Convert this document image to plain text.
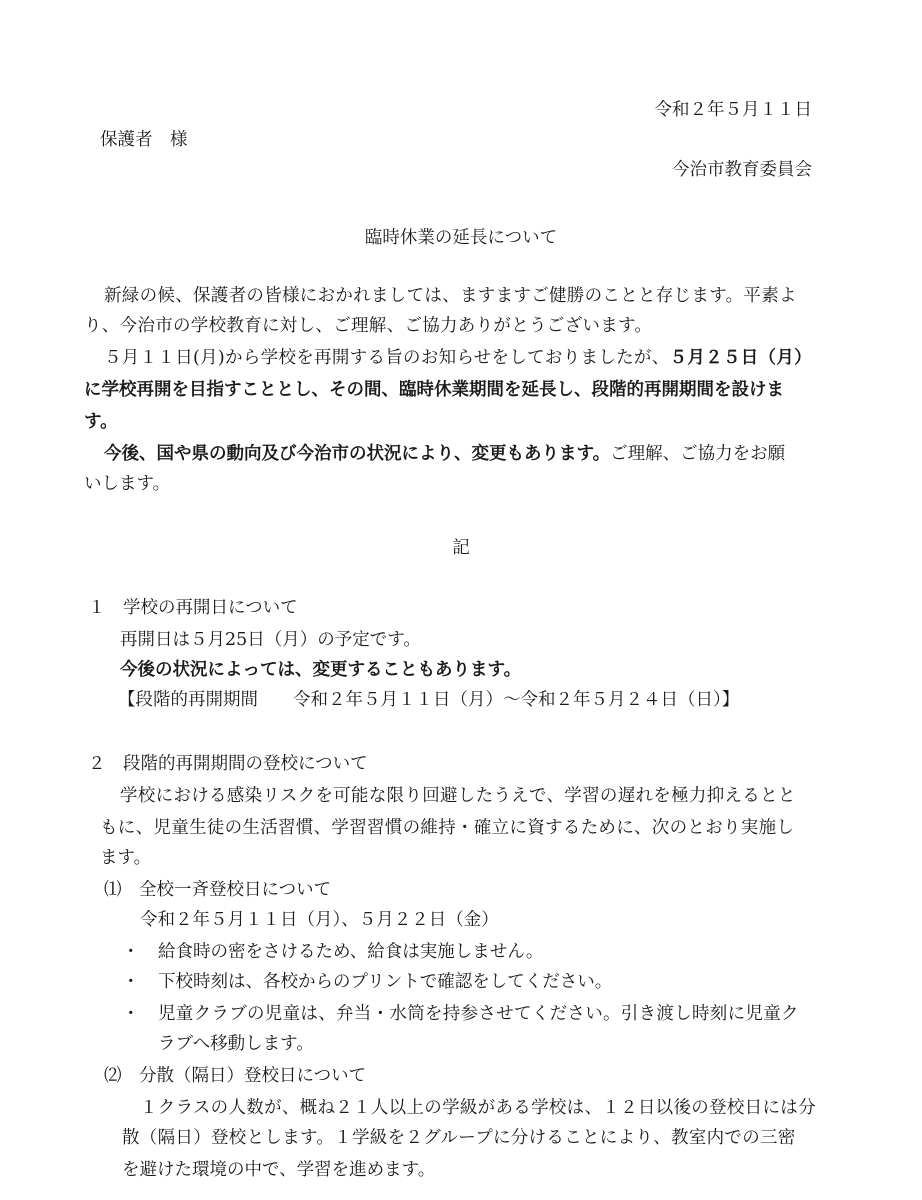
令和２年５月１１日
保護者　様
今治市教育委員会
臨時休業の延長について
新緑の候、保護者の皆様におかれましては、ますますご健勝のことと存じます。平素よ
り、今治市の学校教育に対し、ご理解、ご協力ありがとうございます。
５月１１日(月)から学校を再開する旨のお知らせをしておりましたが、５月２５日（月）
に学校再開を目指すこととし、その間、臨時休業期間を延長し、段階的再開期間を設けま
す。
今後、国や県の動向及び今治市の状況により、変更もあります。ご理解、ご協力をお願
いします。
記
１　学校の再開日について
再開日は５月25日（月）の予定です。
今後の状況によっては、変更することもあります。
【段階的再開期間　　令和２年５月１１日（月）～令和２年５月２４日（日）】
２　段階的再開期間の登校について
学校における感染リスクを可能な限り回避したうえで、学習の遅れを極力抑えるとと
もに、児童生徒の生活習慣、学習習慣の維持・確立に資するために、次のとおり実施し
ます。
⑴　全校一斉登校日について
令和２年５月１１日（月）、５月２２日（金）
・ 給食時の密をさけるため、給食は実施しません。
・ 下校時刻は、各校からのプリントで確認をしてください。
・ 児童クラブの児童は、弁当・水筒を持参させてください。引き渡し時刻に児童ク
ラブへ移動します。
⑵　分散（隔日）登校日について
１クラスの人数が、概ね２１人以上の学級がある学校は、１２日以後の登校日には分
散（隔日）登校とします。１学級を２グループに分けることにより、教室内での三密
を避けた環境の中で、学習を進めます。
